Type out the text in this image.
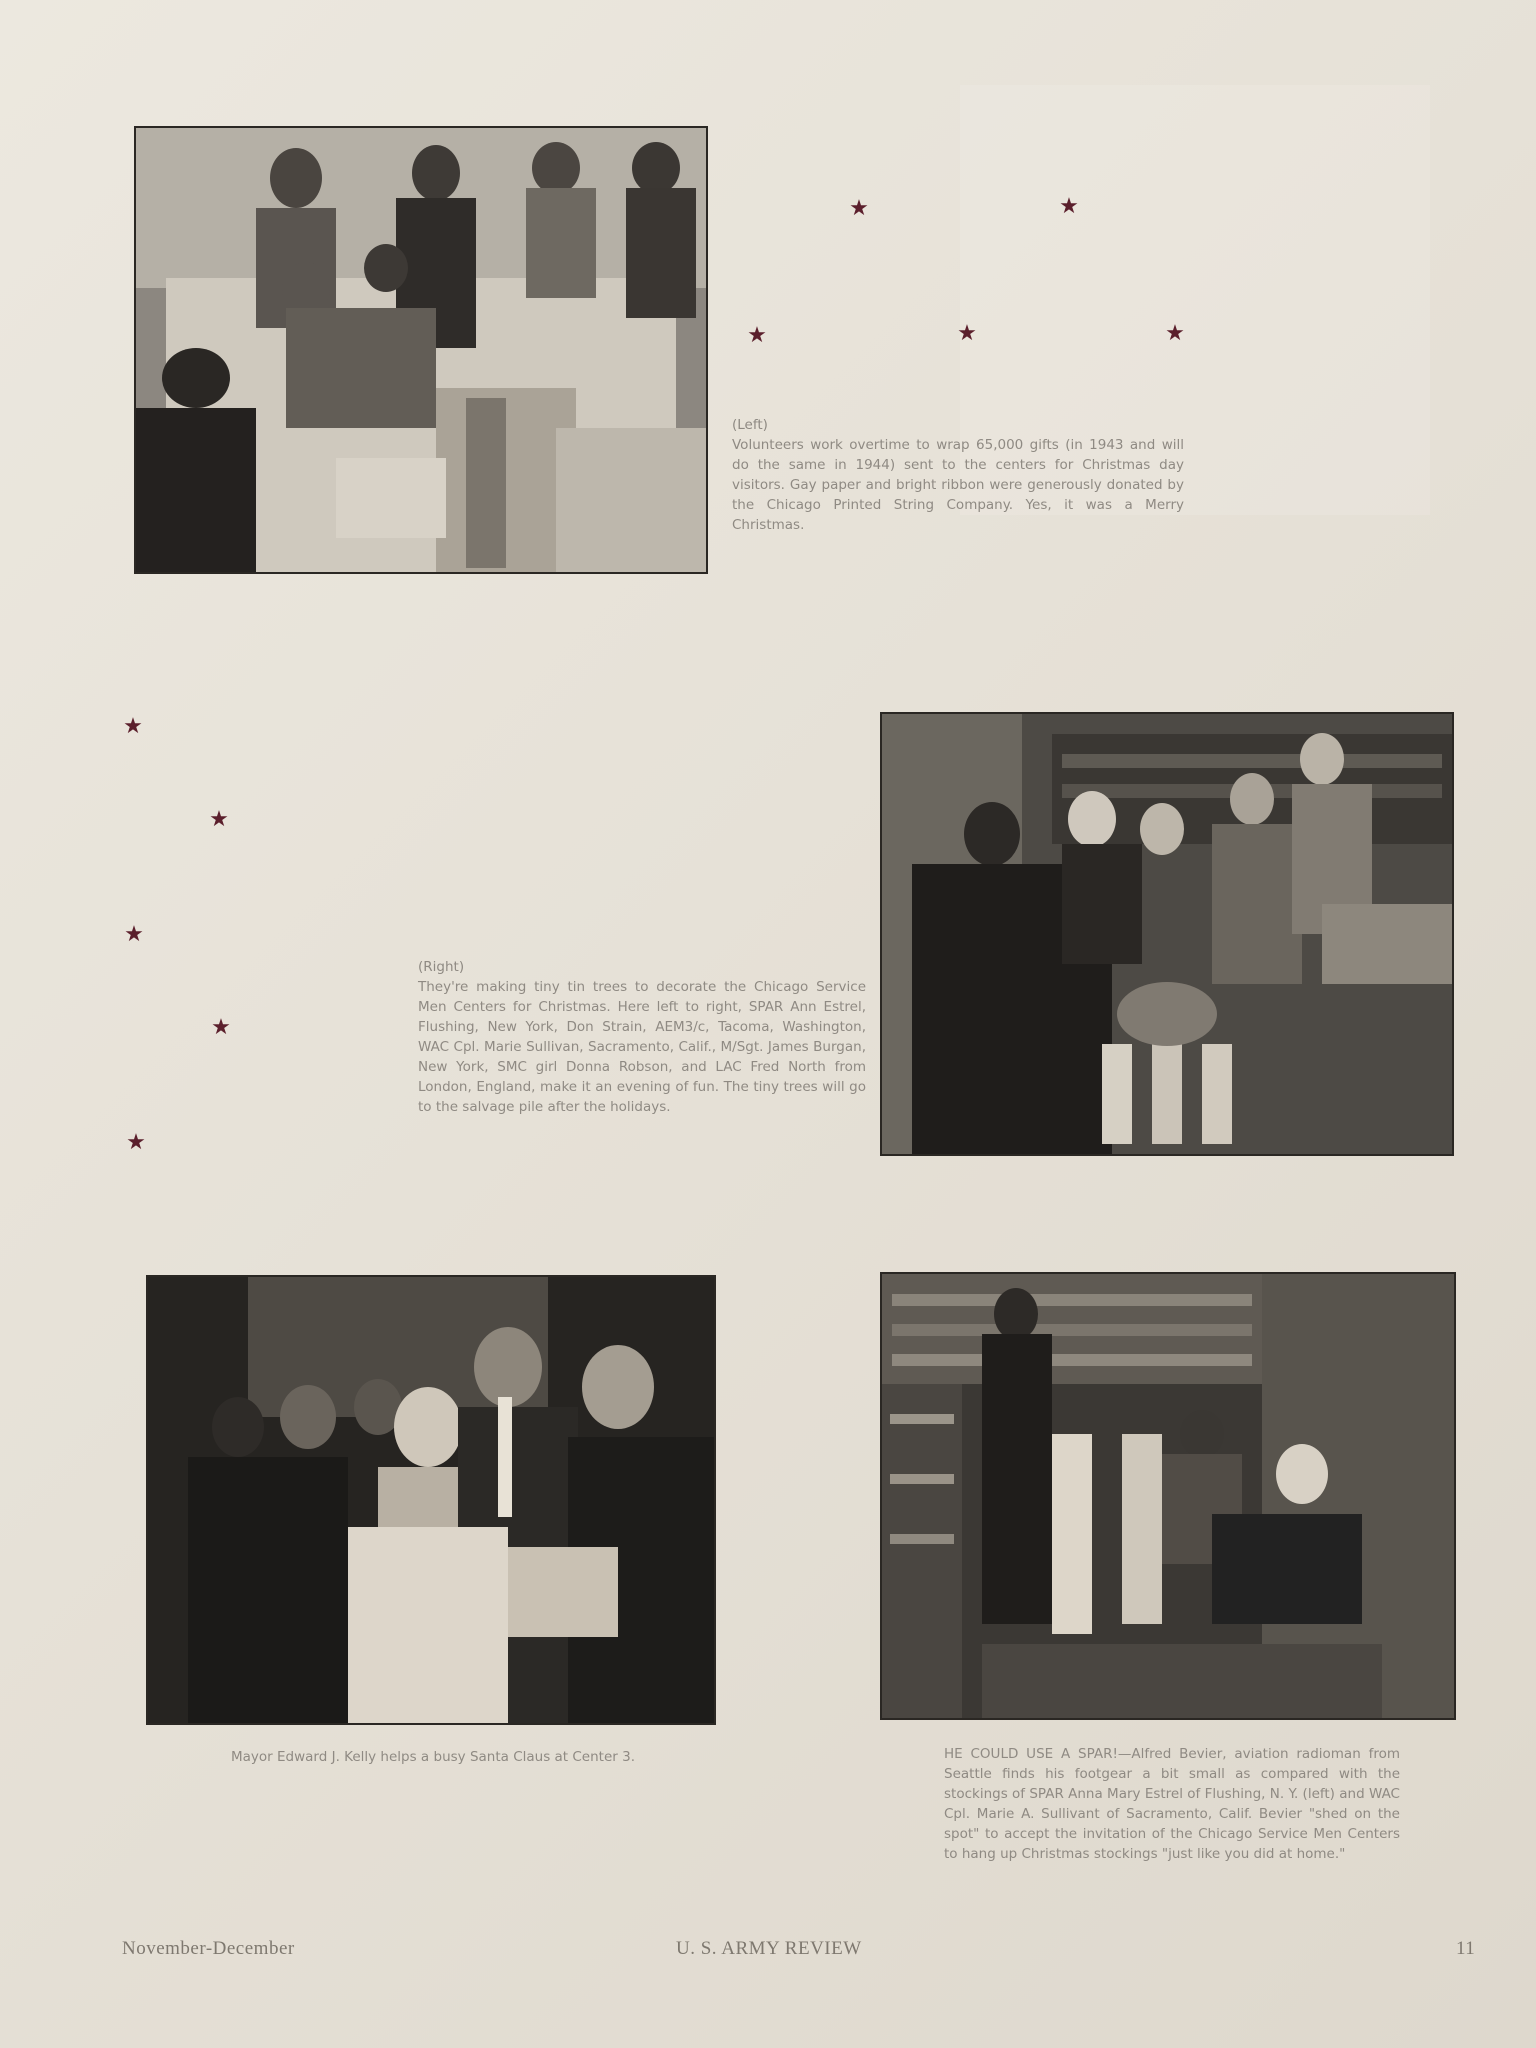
★	★
★	★	★
(Left)
Volunteers work overtime to wrap 65,000 gifts (in 1943 and will do the same in 1944) sent to the centers for Christmas day visitors. Gay paper and bright ribbon were generously donated by the Chicago Printed String Company. Yes, it was a Merry Christmas.
★
★
★
★
★
(Right)
They're making tiny tin trees to decorate the Chicago Service Men Centers for Christmas. Here left to right, SPAR Ann Estrel, Flushing, New York, Don Strain, AEM3/c, Tacoma, Washington, WAC Cpl. Marie Sullivan, Sacramento, Calif., M/Sgt. James Burgan, New York, SMC girl Donna Robson, and LAC Fred North from London, England, make it an evening of fun. The tiny trees will go to the salvage pile after the holidays.
Mayor Edward J. Kelly helps a busy Santa Claus at Center 3.	HE COULD USE A SPAR!—Alfred Bevier, aviation radioman from Seattle finds his footgear a bit small as compared with the stockings of SPAR Anna Mary Estrel of Flushing, N. Y. (left) and WAC Cpl. Marie A. Sullivant of Sacramento, Calif. Bevier "shed on the spot" to accept the invitation of the Chicago Service Men Centers to hang up Christmas stockings "just like you did at home."
November-December	U. S. ARMY REVIEW	11
